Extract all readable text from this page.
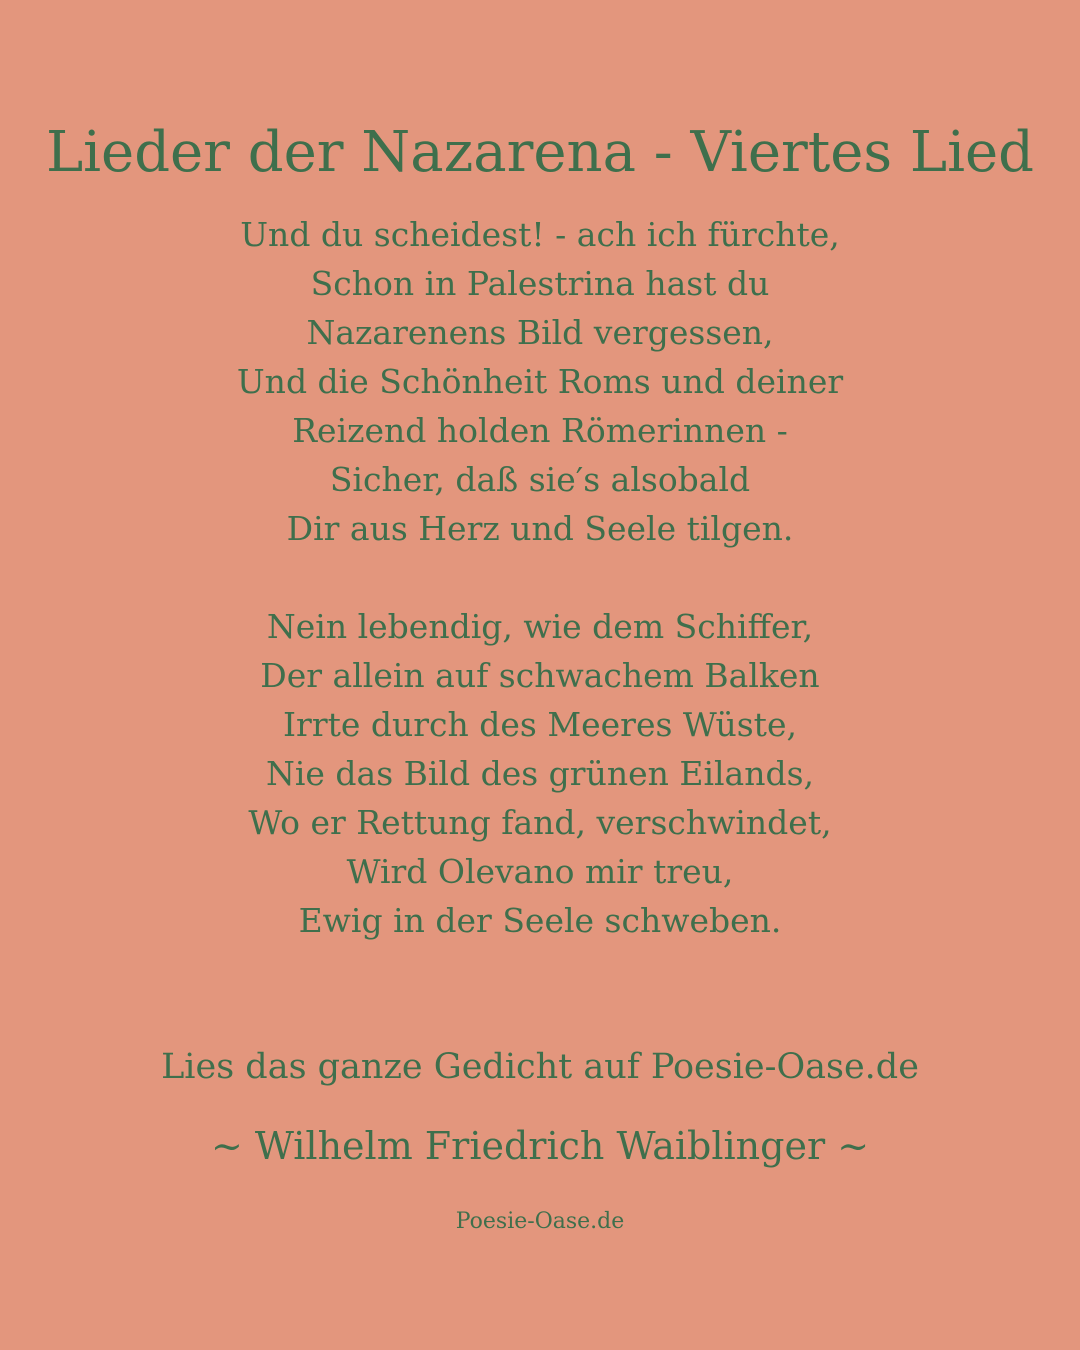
Lieder der Nazarena - Viertes Lied
Und du scheidest! - ach ich fürchte,
Schon in Palestrina hast du
Nazarenens Bild vergessen,
Und die Schönheit Roms und deiner
Reizend holden Römerinnen -
Sicher, daß sie′s alsobald
Dir aus Herz und Seele tilgen.
Nein lebendig, wie dem Schiffer,
Der allein auf schwachem Balken
Irrte durch des Meeres Wüste,
Nie das Bild des grünen Eilands,
Wo er Rettung fand, verschwindet,
Wird Olevano mir treu,
Ewig in der Seele schweben.
Lies das ganze Gedicht auf Poesie-Oase.de
~ Wilhelm Friedrich Waiblinger ~
Poesie-Oase.de
